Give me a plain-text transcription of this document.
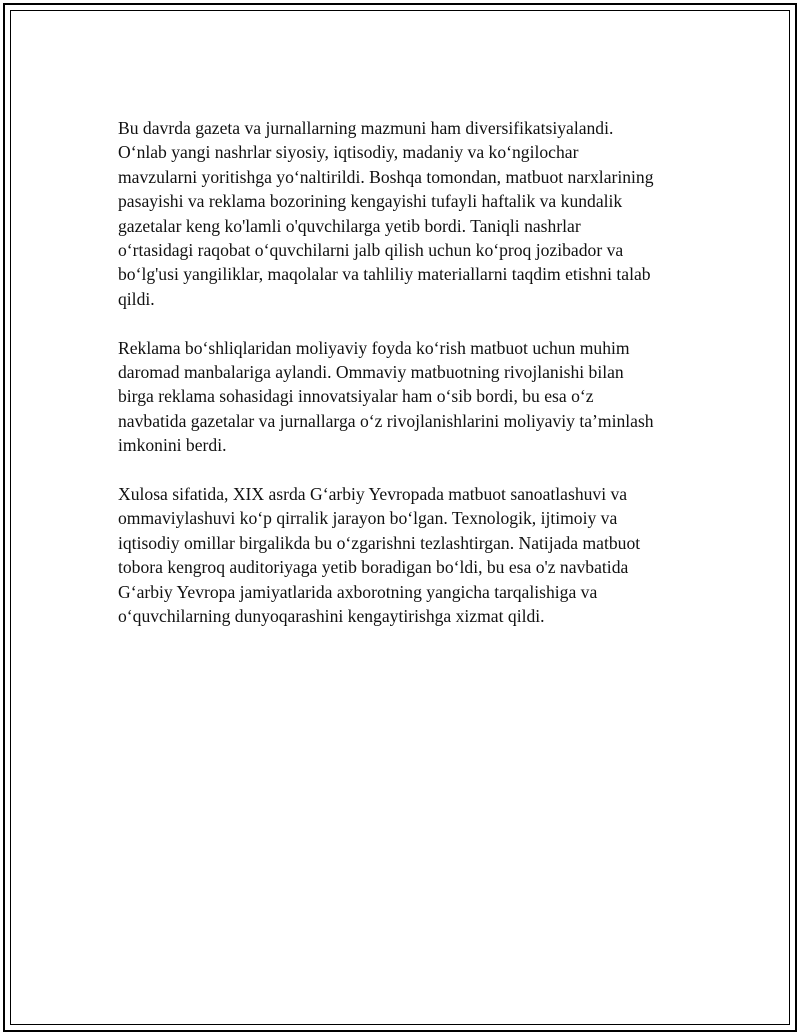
Bu davrda gazeta va jurnallarning mazmuni ham diversifikatsiyalandi.
O‘nlab yangi nashrlar siyosiy, iqtisodiy, madaniy va ko‘ngilochar
mavzularni yoritishga yo‘naltirildi. Boshqa tomondan, matbuot narxlarining
pasayishi va reklama bozorining kengayishi tufayli haftalik va kundalik
gazetalar keng ko'lamli o'quvchilarga yetib bordi. Taniqli nashrlar
o‘rtasidagi raqobat o‘quvchilarni jalb qilish uchun ko‘proq jozibador va
bo‘lg'usi yangiliklar, maqolalar va tahliliy materiallarni taqdim etishni talab
qildi.

Reklama bo‘shliqlaridan moliyaviy foyda ko‘rish matbuot uchun muhim
daromad manbalariga aylandi. Ommaviy matbuotning rivojlanishi bilan
birga reklama sohasidagi innovatsiyalar ham o‘sib bordi, bu esa o‘z
navbatida gazetalar va jurnallarga o‘z rivojlanishlarini moliyaviy ta’minlash
imkonini berdi.

Xulosa sifatida, XIX asrda G‘arbiy Yevropada matbuot sanoatlashuvi va
ommaviylashuvi ko‘p qirralik jarayon bo‘lgan. Texnologik, ijtimoiy va
iqtisodiy omillar birgalikda bu o‘zgarishni tezlashtirgan. Natijada matbuot
tobora kengroq auditoriyaga yetib boradigan bo‘ldi, bu esa o'z navbatida
G‘arbiy Yevropa jamiyatlarida axborotning yangicha tarqalishiga va
o‘quvchilarning dunyoqarashini kengaytirishga xizmat qildi.
